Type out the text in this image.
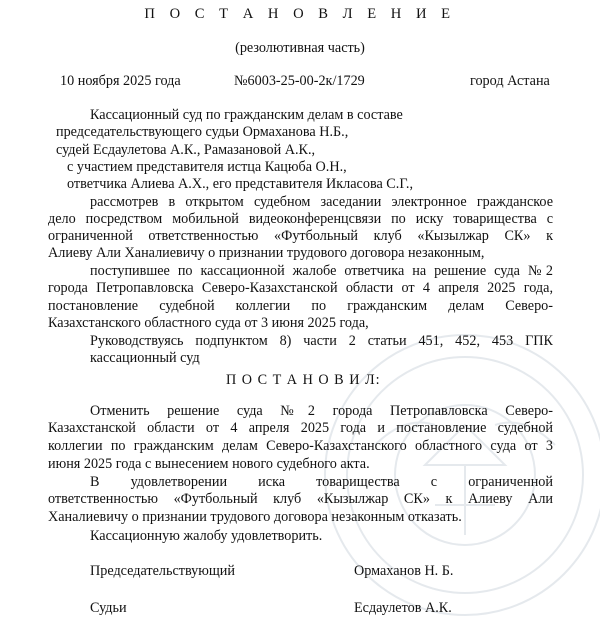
П О С Т А Н О В Л Е Н И Е
(резолютивная часть)
10 ноября 2025 года	№6003-25-00-2к/1729	город Астана
Кассационный суд по гражданским делам в составе
председательствующего судьи Ормаханова Н.Б.,
судей Есдаулетова А.К., Рамазановой А.К.,
с участием представителя истца Кацюба О.Н.,
ответчика Алиева А.Х., его представителя Икласова С.Г.,
рассмотрев в открытом судебном заседании электронное гражданское
дело посредством мобильной видеоконференцсвязи по иску товарищества с
ограниченной ответственностью «Футбольный клуб «Кызылжар СК» к
Алиеву Али Ханалиевичу о признании трудового договора незаконным,
поступившее по кассационной жалобе ответчика на решение суда №2
города Петропавловска Северо-Казахстанской области от 4 апреля 2025 года,
постановление судебной коллегии по гражданским делам Северо-
Казахстанского областного суда от 3 июня 2025 года,
Руководствуясь подпунктом 8) части 2 статьи 451, 452, 453 ГПК
кассационный суд
П О С Т А Н О В И Л:
Отменить решение суда №2 города Петропавловска Северо-
Казахстанской области от 4 апреля 2025 года и постановление судебной
коллегии по гражданским делам Северо-Казахстанского областного суда от 3
июня 2025 года с вынесением нового судебного акта.
В удовлетворении иска товарищества с ограниченной
ответственностью «Футбольный клуб «Кызылжар СК» к Алиеву Али
Ханалиевичу о признании трудового договора незаконным отказать.
Кассационную жалобу удовлетворить.
Председательствующий	Ормаханов Н. Б.
Судьи	Есдаулетов А.К.
